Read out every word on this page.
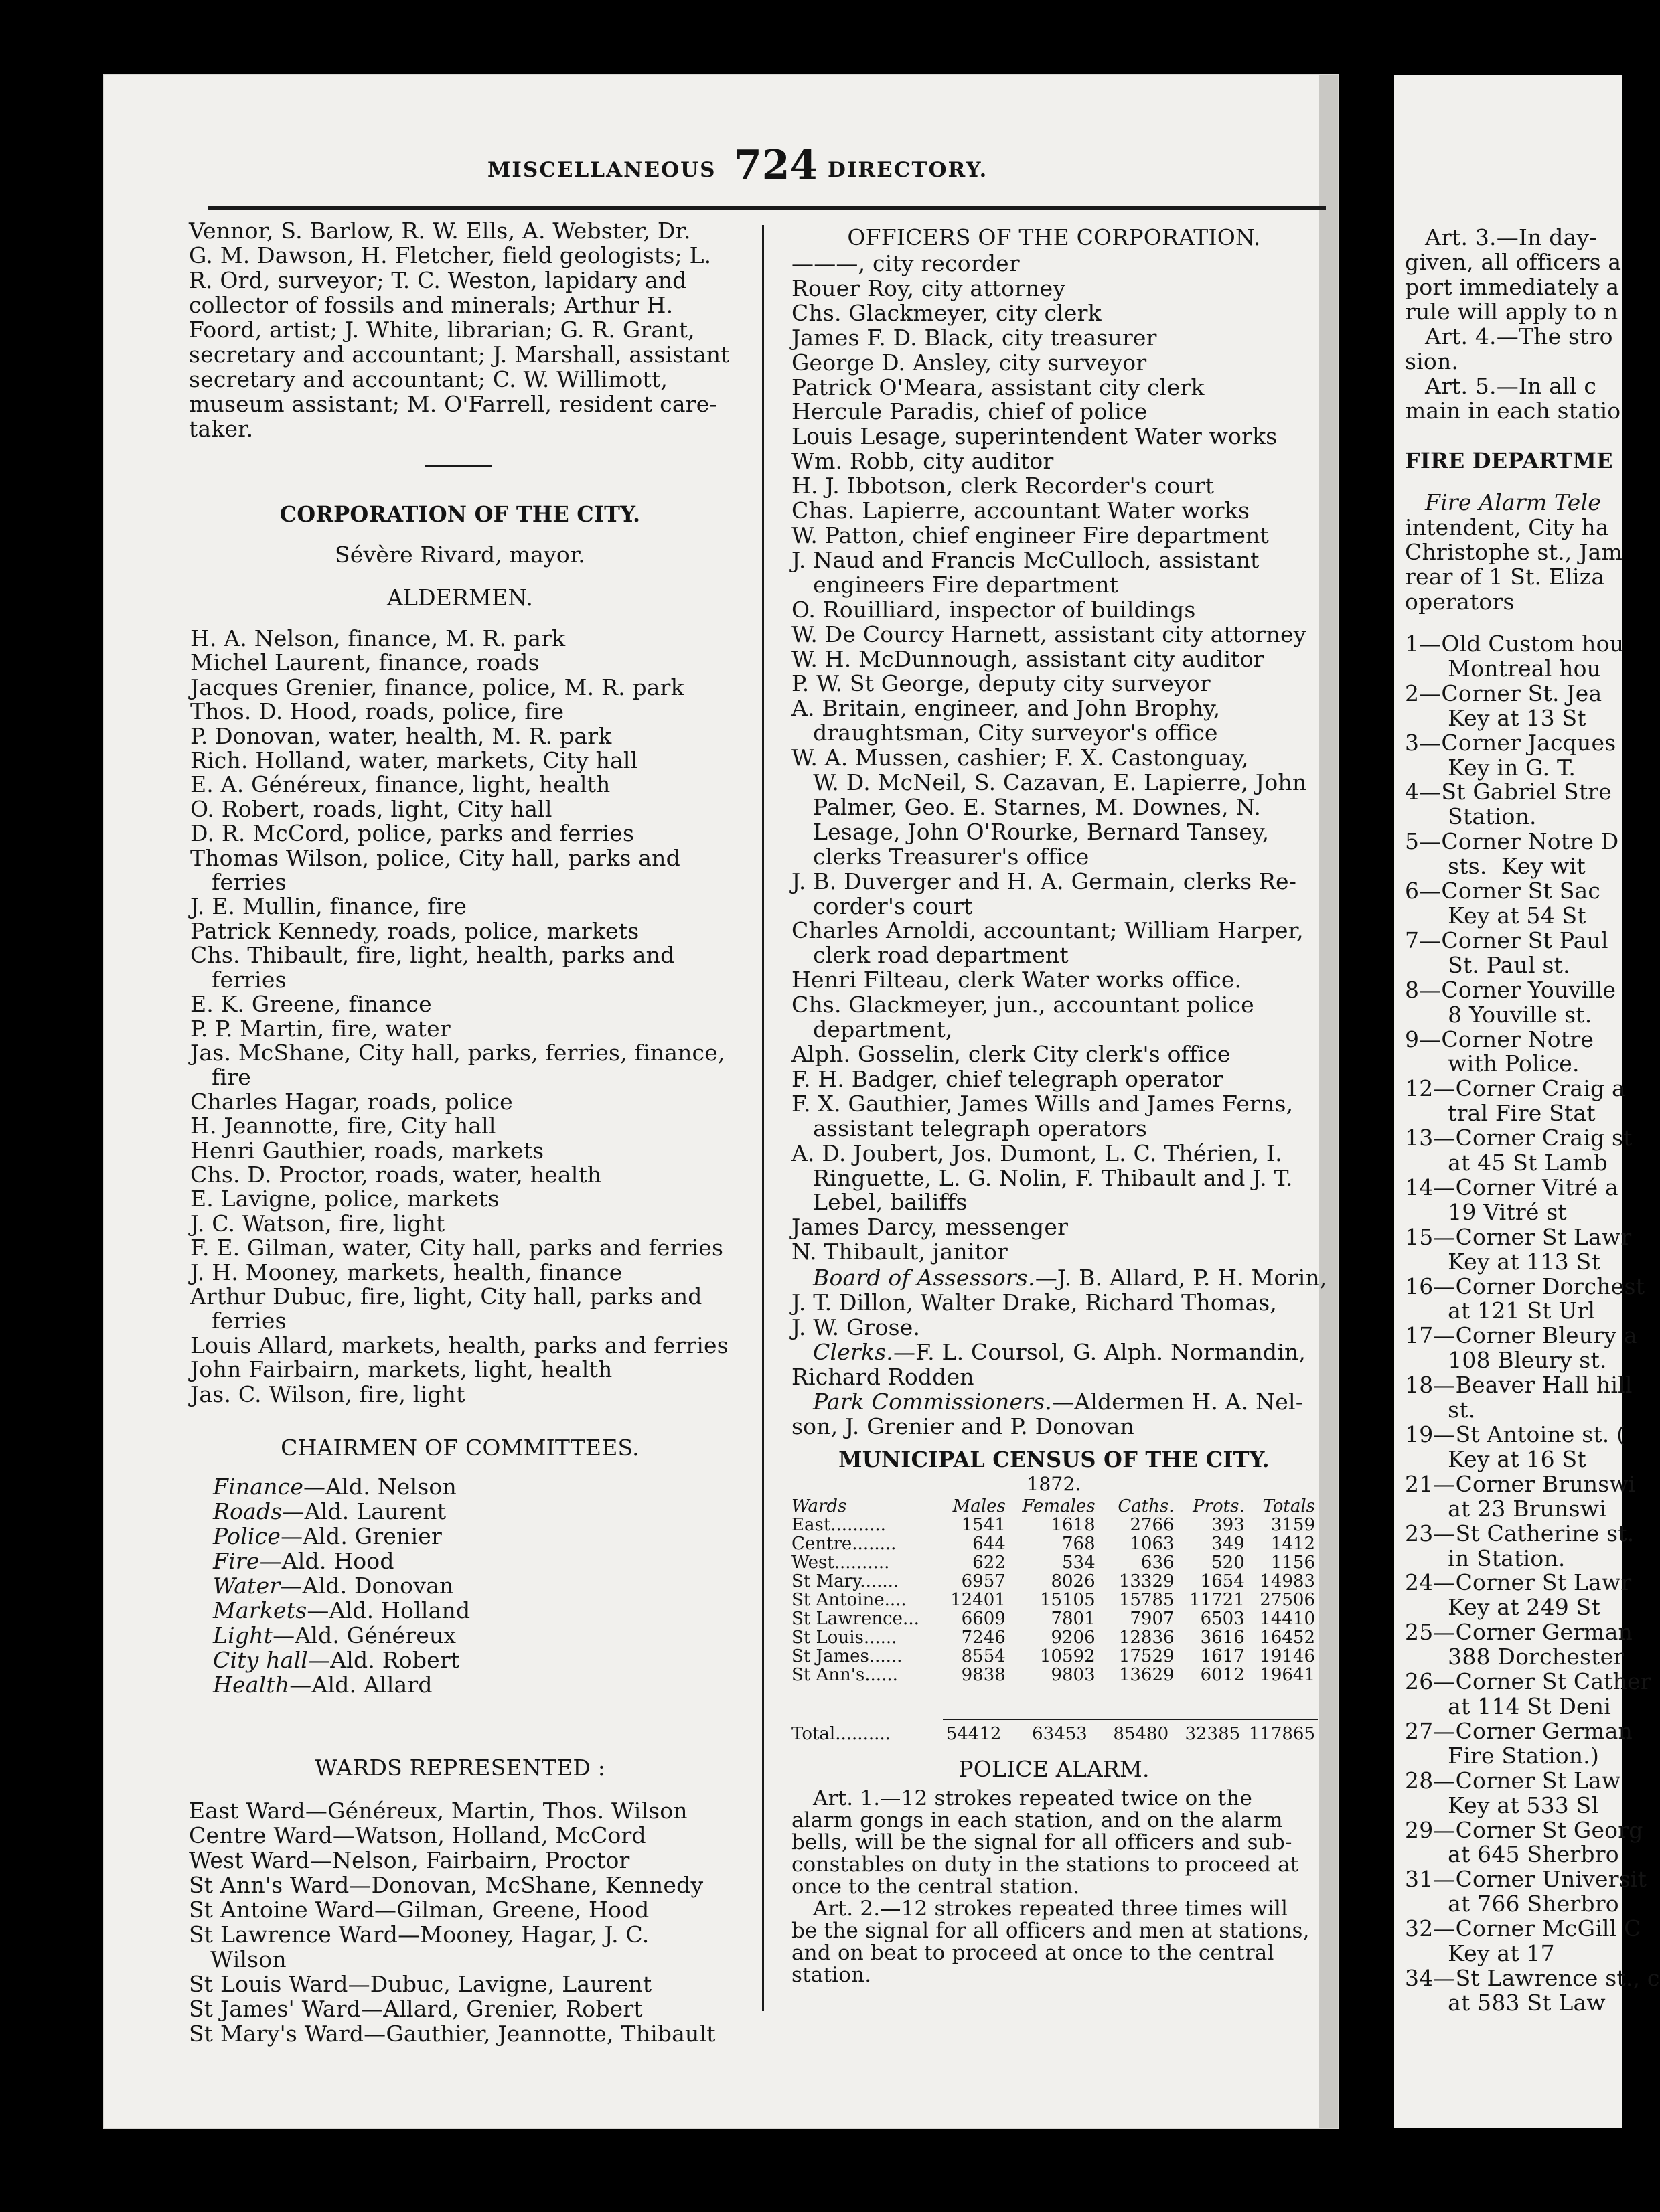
MISCELLANEOUS 724 DIRECTORY.
Vennor, S. Barlow, R. W. Ells, A. Webster, Dr.
G. M. Dawson, H. Fletcher, field geologists; L.
R. Ord, surveyor; T. C. Weston, lapidary and
collector of fossils and minerals; Arthur H.
Foord, artist; J. White, librarian; G. R. Grant,
secretary and accountant; J. Marshall, assistant
secretary and accountant; C. W. Willimott,
museum assistant; M. O'Farrell, resident care-
taker.
CORPORATION OF THE CITY.
Sévère Rivard, mayor.
ALDERMEN.
H. A. Nelson, finance, M. R. park
Michel Laurent, finance, roads
Jacques Grenier, finance, police, M. R. park
Thos. D. Hood, roads, police, fire
P. Donovan, water, health, M. R. park
Rich. Holland, water, markets, City hall
E. A. Généreux, finance, light, health
O. Robert, roads, light, City hall
D. R. McCord, police, parks and ferries
Thomas Wilson, police, City hall, parks and
ferries
J. E. Mullin, finance, fire
Patrick Kennedy, roads, police, markets
Chs. Thibault, fire, light, health, parks and
ferries
E. K. Greene, finance
P. P. Martin, fire, water
Jas. McShane, City hall, parks, ferries, finance,
fire
Charles Hagar, roads, police
H. Jeannotte, fire, City hall
Henri Gauthier, roads, markets
Chs. D. Proctor, roads, water, health
E. Lavigne, police, markets
J. C. Watson, fire, light
F. E. Gilman, water, City hall, parks and ferries
J. H. Mooney, markets, health, finance
Arthur Dubuc, fire, light, City hall, parks and
ferries
Louis Allard, markets, health, parks and ferries
John Fairbairn, markets, light, health
Jas. C. Wilson, fire, light
CHAIRMEN OF COMMITTEES.
Finance—Ald. Nelson
Roads—Ald. Laurent
Police—Ald. Grenier
Fire—Ald. Hood
Water—Ald. Donovan
Markets—Ald. Holland
Light—Ald. Généreux
City hall—Ald. Robert
Health—Ald. Allard
WARDS REPRESENTED :
East Ward—Généreux, Martin, Thos. Wilson
Centre Ward—Watson, Holland, McCord
West Ward—Nelson, Fairbairn, Proctor
St Ann's Ward—Donovan, McShane, Kennedy
St Antoine Ward—Gilman, Greene, Hood
St Lawrence Ward—Mooney, Hagar, J. C.
Wilson
St Louis Ward—Dubuc, Lavigne, Laurent
St James' Ward—Allard, Grenier, Robert
St Mary's Ward—Gauthier, Jeannotte, Thibault
OFFICERS OF THE CORPORATION.
———, city recorder
Rouer Roy, city attorney
Chs. Glackmeyer, city clerk
James F. D. Black, city treasurer
George D. Ansley, city surveyor
Patrick O'Meara, assistant city clerk
Hercule Paradis, chief of police
Louis Lesage, superintendent Water works
Wm. Robb, city auditor
H. J. Ibbotson, clerk Recorder's court
Chas. Lapierre, accountant Water works
W. Patton, chief engineer Fire department
J. Naud and Francis McCulloch, assistant
engineers Fire department
O. Rouilliard, inspector of buildings
W. De Courcy Harnett, assistant city attorney
W. H. McDunnough, assistant city auditor
P. W. St George, deputy city surveyor
A. Britain, engineer, and John Brophy,
draughtsman, City surveyor's office
W. A. Mussen, cashier; F. X. Castonguay,
W. D. McNeil, S. Cazavan, E. Lapierre, John
Palmer, Geo. E. Starnes, M. Downes, N.
Lesage, John O'Rourke, Bernard Tansey,
clerks Treasurer's office
J. B. Duverger and H. A. Germain, clerks Re-
corder's court
Charles Arnoldi, accountant; William Harper,
clerk road department
Henri Filteau, clerk Water works office.
Chs. Glackmeyer, jun., accountant police
department,
Alph. Gosselin, clerk City clerk's office
F. H. Badger, chief telegraph operator
F. X. Gauthier, James Wills and James Ferns,
assistant telegraph operators
A. D. Joubert, Jos. Dumont, L. C. Thérien, I.
Ringuette, L. G. Nolin, F. Thibault and J. T.
Lebel, bailiffs
James Darcy, messenger
N. Thibault, janitor
Board of Assessors.—J. B. Allard, P. H. Morin,
J. T. Dillon, Walter Drake, Richard Thomas,
J. W. Grose.
Clerks.—F. L. Coursol, G. Alph. Normandin,
Richard Rodden
Park Commissioners.—Aldermen H. A. Nel-
son, J. Grenier and P. Donovan
MUNICIPAL CENSUS OF THE CITY.
1872.
Wards	Males	Females	Caths.	Prots.	Totals
East..........	1541	1618	2766	393	3159
Centre........	644	768	1063	349	1412
West..........	622	534	636	520	1156
St Mary.......	6957	8026	13329	1654	14983
St Antoine....	12401	15105	15785	11721	27506
St Lawrence...	6609	7801	7907	6503	14410
St Louis......	7246	9206	12836	3616	16452
St James......	8554	10592	17529	1617	19146
St Ann's......	9838	9803	13629	6012	19641
Total..........	54412	63453	85480	32385	117865
POLICE ALARM.
Art. 1.—12 strokes repeated twice on the
alarm gongs in each station, and on the alarm
bells, will be the signal for all officers and sub-
constables on duty in the stations to proceed at
once to the central station.
Art. 2.—12 strokes repeated three times will
be the signal for all officers and men at stations,
and on beat to proceed at once to the central
station.
Art. 3.—In day-
given, all officers a
port immediately a
rule will apply to n
Art. 4.—The stro
sion.
Art. 5.—In all c
main in each statio
FIRE DEPARTME
Fire Alarm Tele
intendent, City ha
Christophe st., Jam
rear of 1 St. Eliza
operators
1—Old Custom hou
Montreal hou
2—Corner St. Jea
Key at 13 St
3—Corner Jacques
Key in G. T.
4—St Gabriel Stre
Station.
5—Corner Notre D
sts.  Key wit
6—Corner St Sac
Key at 54 St
7—Corner St Paul
St. Paul st.
8—Corner Youville
8 Youville st.
9—Corner Notre
with Police.
12—Corner Craig a
tral Fire Stat
13—Corner Craig st
at 45 St Lamb
14—Corner Vitré a
19 Vitré st
15—Corner St Lawr
Key at 113 St
16—Corner Dorchest
at 121 St Url
17—Corner Bleury a
108 Bleury st.
18—Beaver Hall hill
st.
19—St Antoine st. (
Key at 16 St
21—Corner Brunswi
at 23 Brunswi
23—St Catherine st.
in Station.
24—Corner St Lawr
Key at 249 St
25—Corner German
388 Dorchester
26—Corner St Cather
at 114 St Deni
27—Corner German
Fire Station.)
28—Corner St Law
Key at 533 Sl
29—Corner St Georg
at 645 Sherbro
31—Corner Universit
at 766 Sherbro
32—Corner McGill C
Key at 17
34—St Lawrence st., c
at 583 St Law
